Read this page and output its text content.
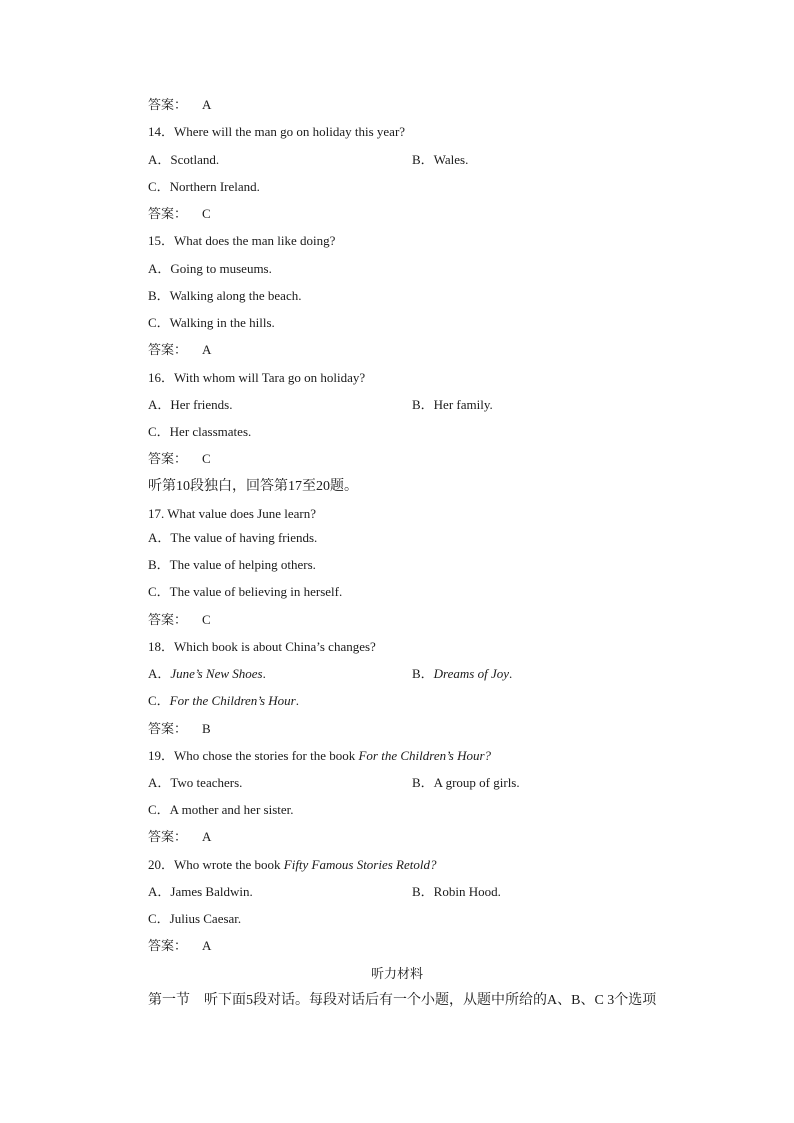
答案： A
14．Where will the man go on holiday this year?
A．Scotland.	B．Wales.
C．Northern Ireland.
答案： C
15．What does the man like doing?
A．Going to museums.
B．Walking along the beach.
C．Walking in the hills.
答案： A
16．With whom will Tara go on holiday?
A．Her friends.	B．Her family.
C．Her classmates.
答案： C
听第10段独白，回答第17至20题。
17. What value does June learn?
A．The value of having friends.
B．The value of helping others.
C．The value of believing in herself.
答案： C
18．Which book is about China’s changes?
A．June’s New Shoes.	B．Dreams of Joy.
C．For the Children’s Hour.
答案： B
19．Who chose the stories for the book For the Children’s Hour?
A．Two teachers.	B．A group of girls.
C．A mother and her sister.
答案： A
20．Who wrote the book Fifty Famous Stories Retold?
A．James Baldwin.	B．Robin Hood.
C．Julius Caesar.
答案： A
听力材料
第一节　听下面5段对话。每段对话后有一个小题，从题中所给的A、B、C 3个选项
